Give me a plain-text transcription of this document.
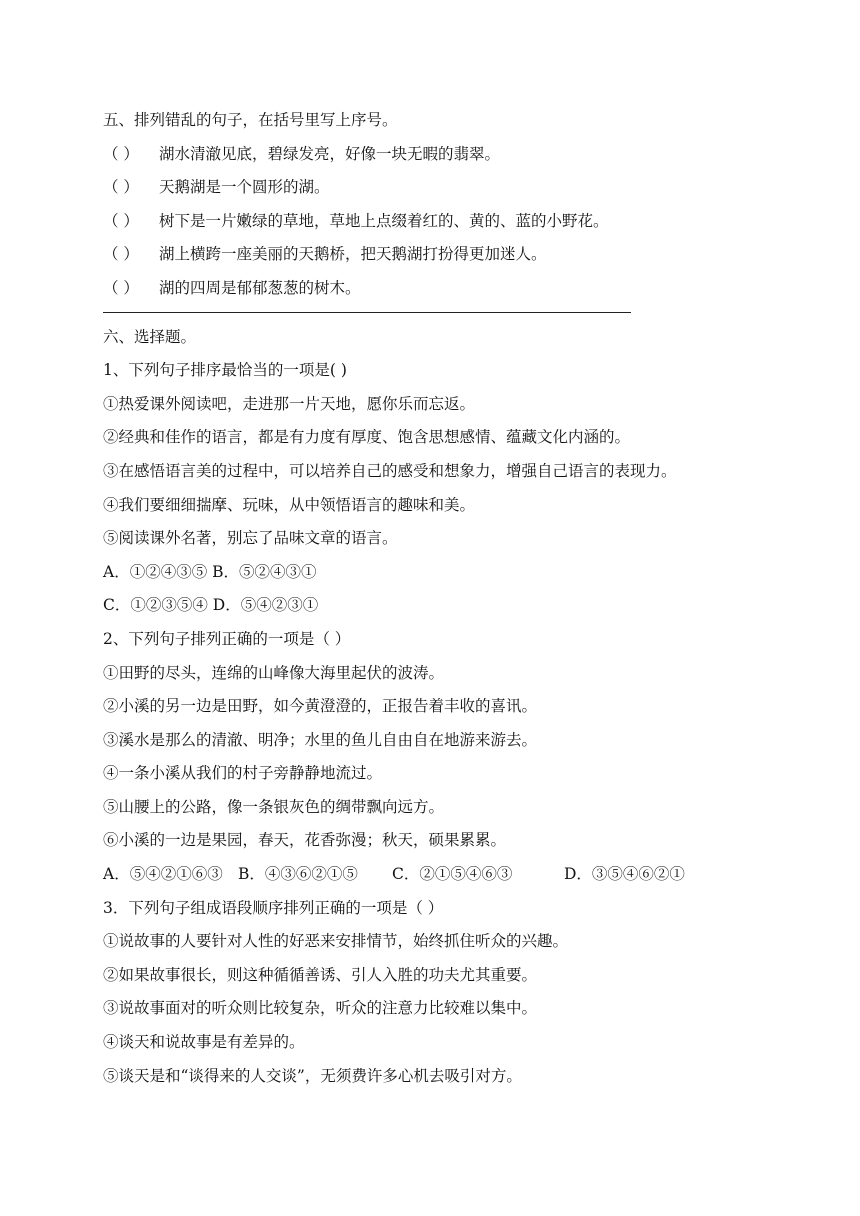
五、排列错乱的句子，在括号里写上序号。
（ ） 湖水清澈见底，碧绿发亮，好像一块无暇的翡翠。
（ ） 天鹅湖是一个圆形的湖。
（ ） 树下是一片嫩绿的草地，草地上点缀着红的、黄的、蓝的小野花。
（ ） 湖上横跨一座美丽的天鹅桥，把天鹅湖打扮得更加迷人。
（ ） 湖的四周是郁郁葱葱的树木。
六、选择题。
1、下列句子排序最恰当的一项是( )
①热爱课外阅读吧，走进那一片天地，愿你乐而忘返。
②经典和佳作的语言，都是有力度有厚度、饱含思想感情、蕴藏文化内涵的。
③在感悟语言美的过程中，可以培养自己的感受和想象力，增强自己语言的表现力。
④我们要细细揣摩、玩味，从中领悟语言的趣味和美。
⑤阅读课外名著，别忘了品味文章的语言。
A．①②④③⑤ B．⑤②④③①
C．①②③⑤④ D．⑤④②③①
2、下列句子排列正确的一项是（ ）
①田野的尽头，连绵的山峰像大海里起伏的波涛。
②小溪的另一边是田野，如今黄澄澄的，正报告着丰收的喜讯。
③溪水是那么的清澈、明净；水里的鱼儿自由自在地游来游去。
④一条小溪从我们的村子旁静静地流过。
⑤山腰上的公路，像一条银灰色的绸带飘向远方。
⑥小溪的一边是果园，春天，花香弥漫；秋天，硕果累累。
A．⑤④②①⑥③ B．④③⑥②①⑤ C．②①⑤④⑥③	D．③⑤④⑥②①
3．下列句子组成语段顺序排列正确的一项是（ ）
①说故事的人要针对人性的好恶来安排情节，始终抓住听众的兴趣。
②如果故事很长，则这种循循善诱、引人入胜的功夫尤其重要。
③说故事面对的听众则比较复杂，听众的注意力比较难以集中。
④谈天和说故事是有差异的。
⑤谈天是和“谈得来的人交谈”，无须费许多心机去吸引对方。
